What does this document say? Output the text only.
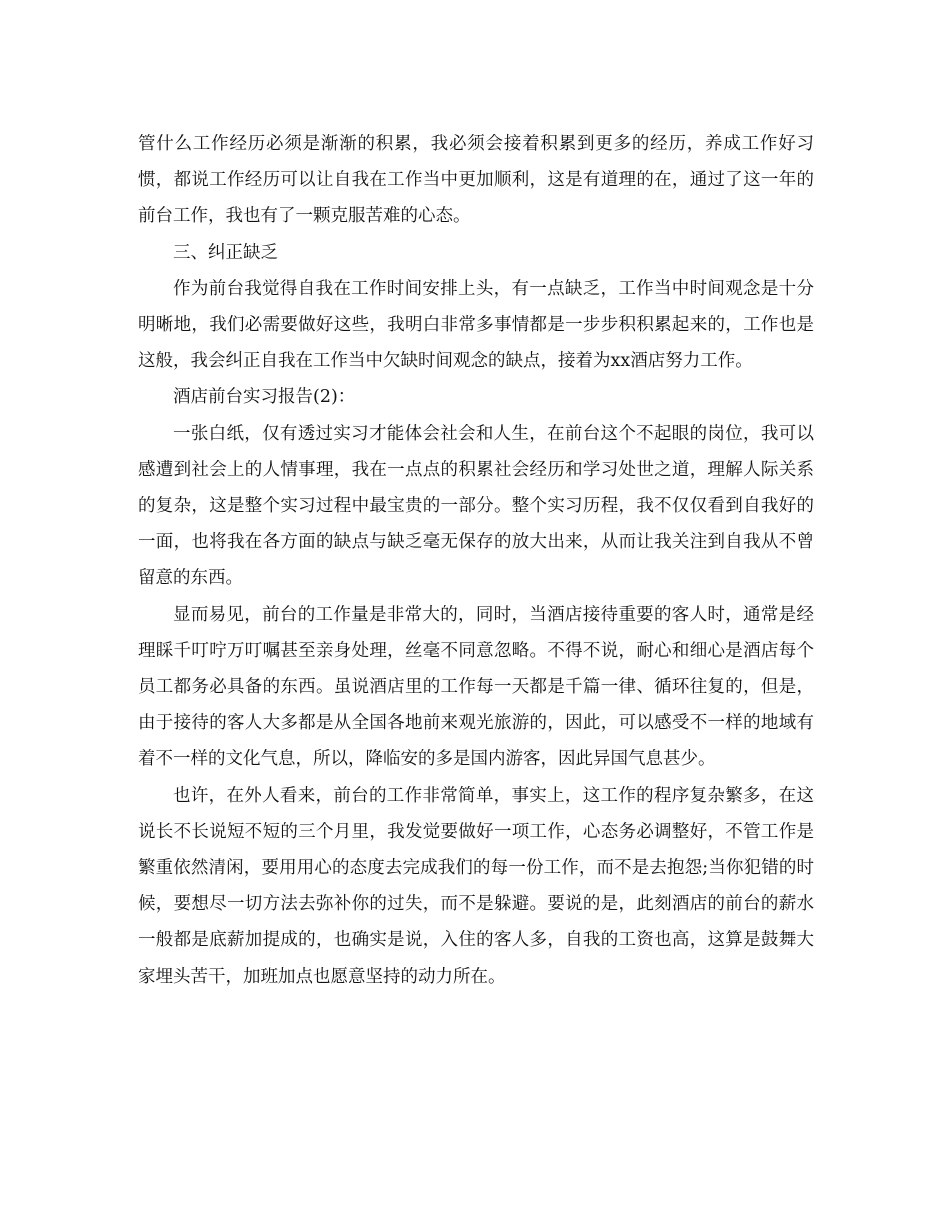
管什么工作经历必须是渐渐的积累，我必须会接着积累到更多的经历，养成工作好习惯，都说工作经历可以让自我在工作当中更加顺利，这是有道理的在，通过了这一年的前台工作，我也有了一颗克服苦难的心态。

三、纠正缺乏

作为前台我觉得自我在工作时间安排上头，有一点缺乏，工作当中时间观念是十分明晰地，我们必需要做好这些，我明白非常多事情都是一步步积积累起来的，工作也是这般，我会纠正自我在工作当中欠缺时间观念的缺点，接着为xx酒店努力工作。

酒店前台实习报告(2)：

一张白纸，仅有透过实习才能体会社会和人生，在前台这个不起眼的岗位，我可以感遭到社会上的人情事理，我在一点点的积累社会经历和学习处世之道，理解人际关系的复杂，这是整个实习过程中最宝贵的一部分。整个实习历程，我不仅仅看到自我好的一面，也将我在各方面的缺点与缺乏毫无保存的放大出来，从而让我关注到自我从不曾留意的东西。

显而易见，前台的工作量是非常大的，同时，当酒店接待重要的客人时，通常是经理睬千叮咛万叮嘱甚至亲身处理，丝毫不同意忽略。不得不说，耐心和细心是酒店每个员工都务必具备的东西。虽说酒店里的工作每一天都是千篇一律、循环往复的，但是，由于接待的客人大多都是从全国各地前来观光旅游的，因此，可以感受不一样的地域有着不一样的文化气息，所以，降临安的多是国内游客，因此异国气息甚少。

也许，在外人看来，前台的工作非常简单，事实上，这工作的程序复杂繁多，在这说长不长说短不短的三个月里，我发觉要做好一项工作，心态务必调整好，不管工作是繁重依然清闲，要用用心的态度去完成我们的每一份工作，而不是去抱怨;当你犯错的时候，要想尽一切方法去弥补你的过失，而不是躲避。要说的是，此刻酒店的前台的薪水一般都是底薪加提成的，也确实是说，入住的客人多，自我的工资也高，这算是鼓舞大家埋头苦干，加班加点也愿意坚持的动力所在。
